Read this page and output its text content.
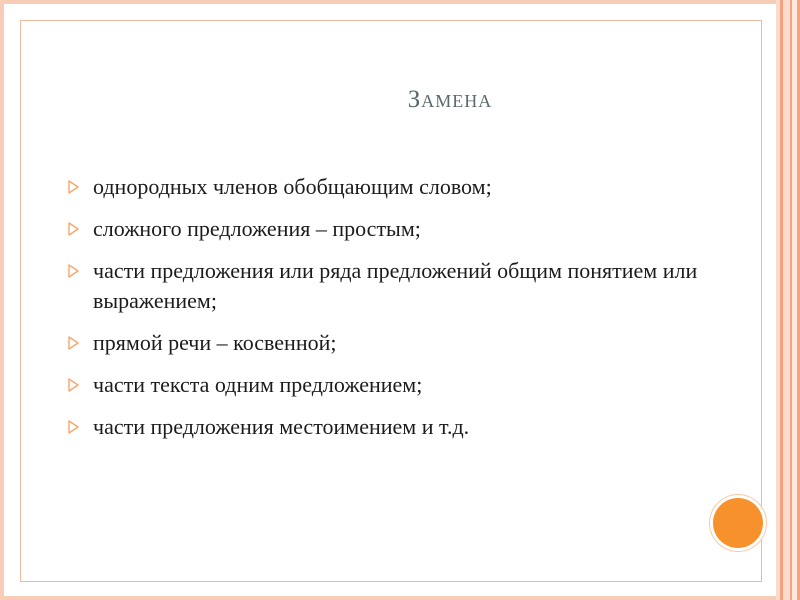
Замена
однородных членов обобщающим словом;
сложного предложения – простым;
части предложения или ряда предложений общим понятием или выражением;
прямой речи – косвенной;
части текста одним предложением;
части предложения местоимением и т.д.
